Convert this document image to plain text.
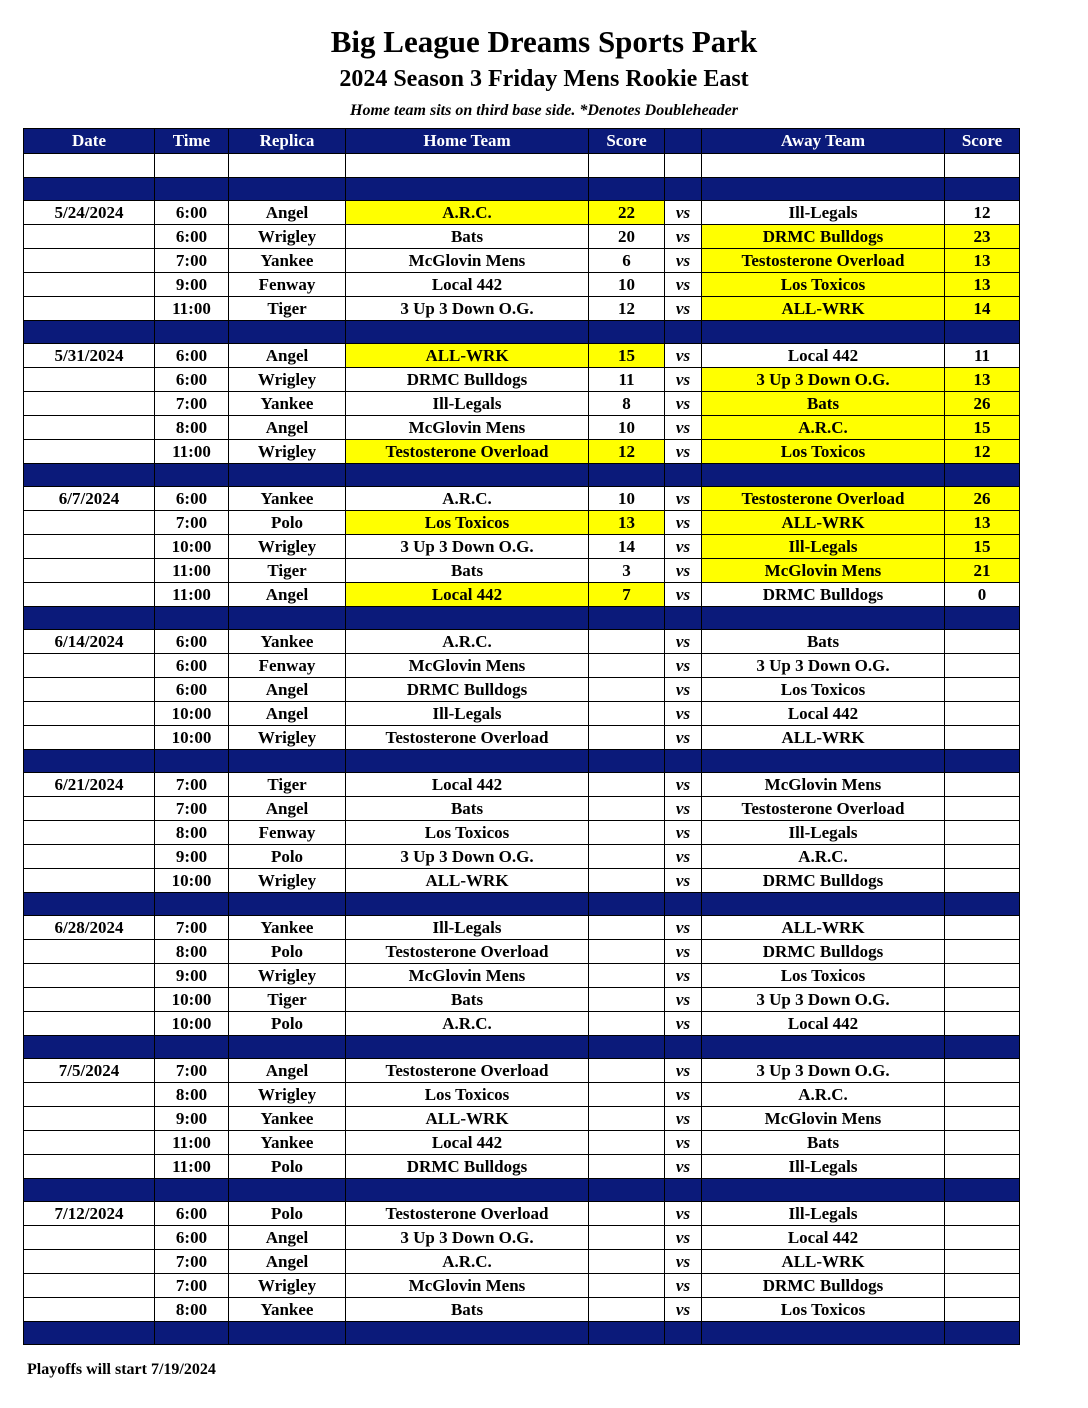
Big League Dreams Sports Park
2024 Season 3 Friday Mens Rookie East
Home team sits on third base side. *Denotes Doubleheader
Date	Time	Replica	Home Team	Score		Away Team	Score

5/24/2024	6:00	Angel	A.R.C.	22	vs	Ill-Legals	12
	6:00	Wrigley	Bats	20	vs	DRMC Bulldogs	23
	7:00	Yankee	McGlovin Mens	6	vs	Testosterone Overload	13
	9:00	Fenway	Local 442	10	vs	Los Toxicos	13
	11:00	Tiger	3 Up 3 Down O.G.	12	vs	ALL-WRK	14

5/31/2024	6:00	Angel	ALL-WRK	15	vs	Local 442	11
	6:00	Wrigley	DRMC Bulldogs	11	vs	3 Up 3 Down O.G.	13
	7:00	Yankee	Ill-Legals	8	vs	Bats	26
	8:00	Angel	McGlovin Mens	10	vs	A.R.C.	15
	11:00	Wrigley	Testosterone Overload	12	vs	Los Toxicos	12

6/7/2024	6:00	Yankee	A.R.C.	10	vs	Testosterone Overload	26
	7:00	Polo	Los Toxicos	13	vs	ALL-WRK	13
	10:00	Wrigley	3 Up 3 Down O.G.	14	vs	Ill-Legals	15
	11:00	Tiger	Bats	3	vs	McGlovin Mens	21
	11:00	Angel	Local 442	7	vs	DRMC Bulldogs	0

6/14/2024	6:00	Yankee	A.R.C.		vs	Bats	
	6:00	Fenway	McGlovin Mens		vs	3 Up 3 Down O.G.	
	6:00	Angel	DRMC Bulldogs		vs	Los Toxicos	
	10:00	Angel	Ill-Legals		vs	Local 442	
	10:00	Wrigley	Testosterone Overload		vs	ALL-WRK	

6/21/2024	7:00	Tiger	Local 442		vs	McGlovin Mens	
	7:00	Angel	Bats		vs	Testosterone Overload	
	8:00	Fenway	Los Toxicos		vs	Ill-Legals	
	9:00	Polo	3 Up 3 Down O.G.		vs	A.R.C.	
	10:00	Wrigley	ALL-WRK		vs	DRMC Bulldogs	

6/28/2024	7:00	Yankee	Ill-Legals		vs	ALL-WRK	
	8:00	Polo	Testosterone Overload		vs	DRMC Bulldogs	
	9:00	Wrigley	McGlovin Mens		vs	Los Toxicos	
	10:00	Tiger	Bats		vs	3 Up 3 Down O.G.	
	10:00	Polo	A.R.C.		vs	Local 442	

7/5/2024	7:00	Angel	Testosterone Overload		vs	3 Up 3 Down O.G.	
	8:00	Wrigley	Los Toxicos		vs	A.R.C.	
	9:00	Yankee	ALL-WRK		vs	McGlovin Mens	
	11:00	Yankee	Local 442		vs	Bats	
	11:00	Polo	DRMC Bulldogs		vs	Ill-Legals	

7/12/2024	6:00	Polo	Testosterone Overload		vs	Ill-Legals	
	6:00	Angel	3 Up 3 Down O.G.		vs	Local 442	
	7:00	Angel	A.R.C.		vs	ALL-WRK	
	7:00	Wrigley	McGlovin Mens		vs	DRMC Bulldogs	
	8:00	Yankee	Bats		vs	Los Toxicos	

Playoffs will start 7/19/2024
